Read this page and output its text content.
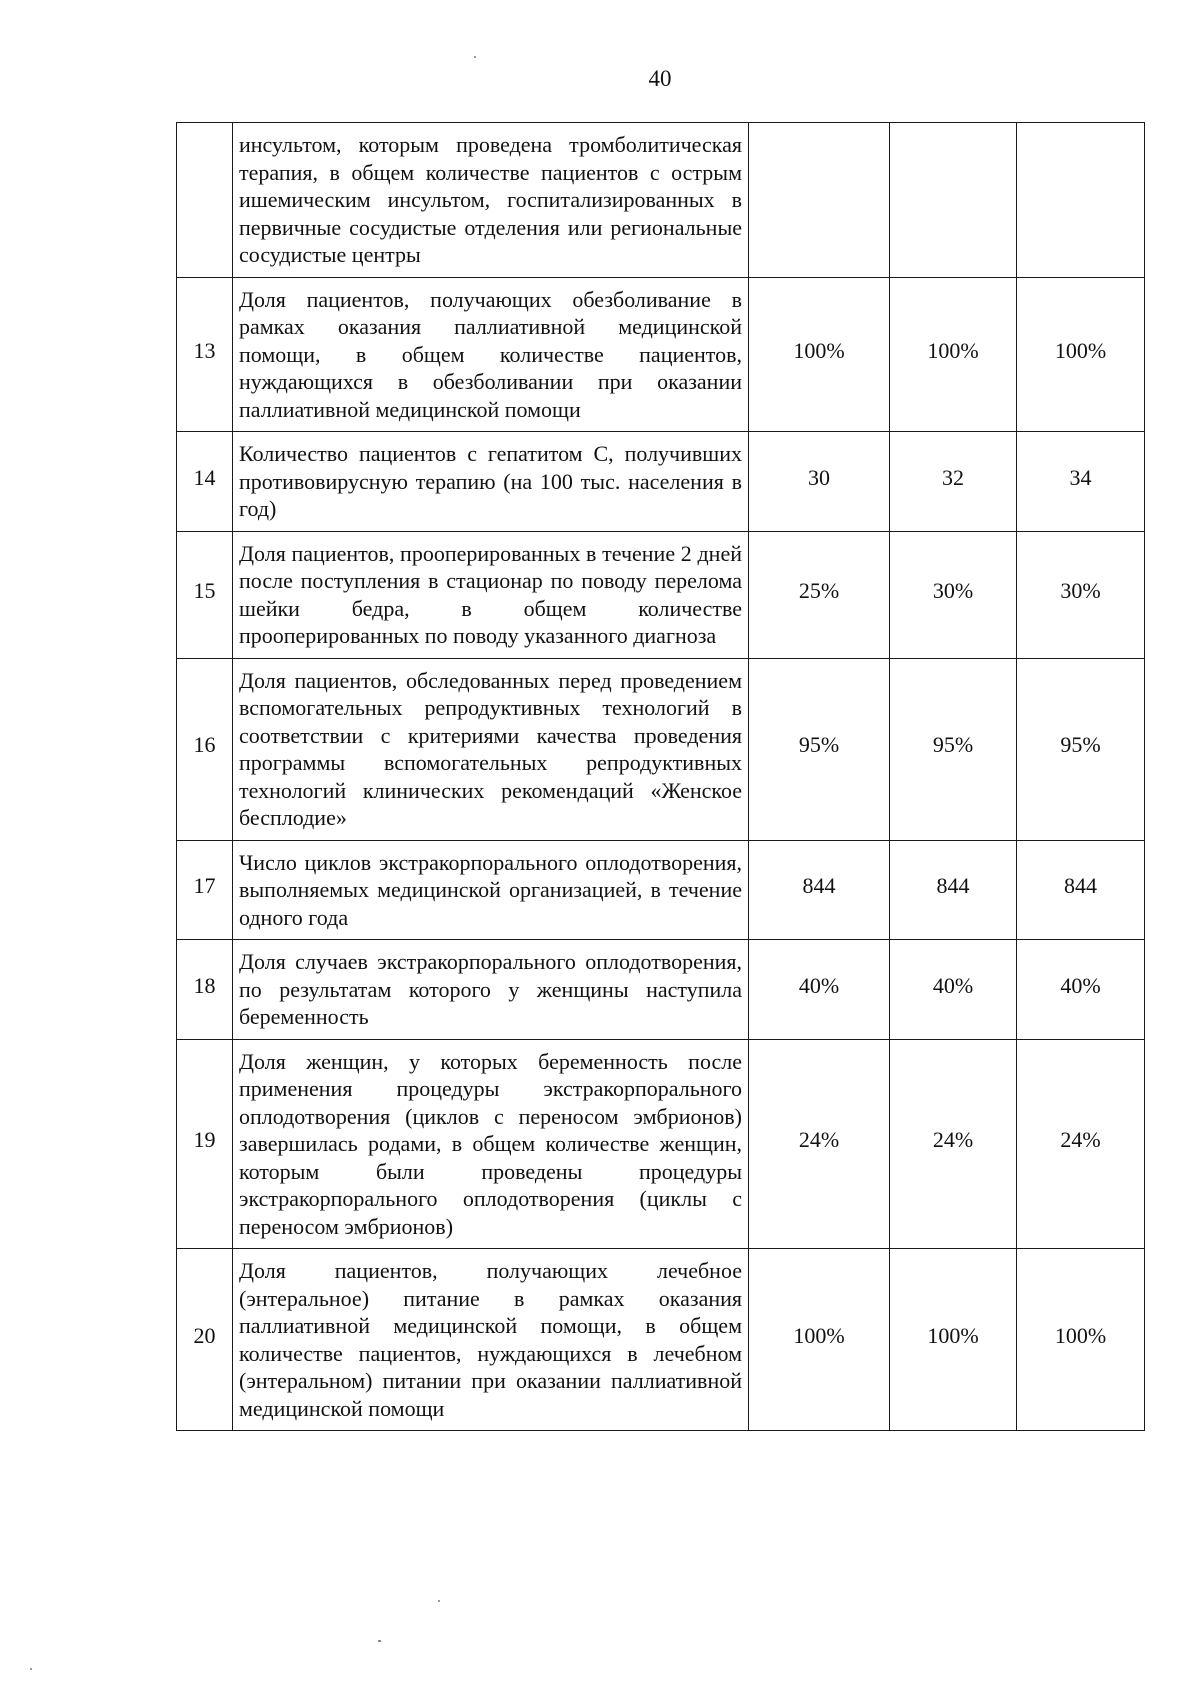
40
	инсультом, которым проведена тромболитическая терапия, в общем количестве пациентов с острым ишемическим инсультом, госпитализированных в первичные сосудистые отделения или региональные сосудистые центры	

13	Доля пациентов, получающих обезболивание в рамках оказания паллиативной медицинской помощи, в общем количестве пациентов, нуждающихся в обезболивании при оказании паллиативной медицинской помощи	100%	100%	100%

14	Количество пациентов с гепатитом С, получивших противовирусную терапию (на 100 тыс. населения в год)	30	32	34

15	Доля пациентов, прооперированных в течение 2 дней после поступления в стационар по поводу перелома шейки бедра, в общем количестве прооперированных по поводу указанного диагноза	25%	30%	30%

16	Доля пациентов, обследованных перед проведением вспомогательных репродуктивных технологий в соответствии с критериями качества проведения программы вспомогательных репродуктивных технологий клинических рекомендаций «Женское бесплодие»	95%	95%	95%

17	Число циклов экстракорпорального оплодотворения, выполняемых медицинской организацией, в течение одного года	844	844	844

18	Доля случаев экстракорпорального оплодотворения, по результатам которого у женщины наступила беременность	40%	40%	40%

19	Доля женщин, у которых беременность после применения процедуры экстракорпорального оплодотворения (циклов с переносом эмбрионов) завершилась родами, в общем количестве женщин, которым были проведены процедуры экстракорпорального оплодотворения (циклы с переносом эмбрионов)	24%	24%	24%

20	Доля пациентов, получающих лечебное (энтеральное) питание в рамках оказания паллиативной медицинской помощи, в общем количестве пациентов, нуждающихся в лечебном (энтеральном) питании при оказании паллиативной медицинской помощи	100%	100%	100%
